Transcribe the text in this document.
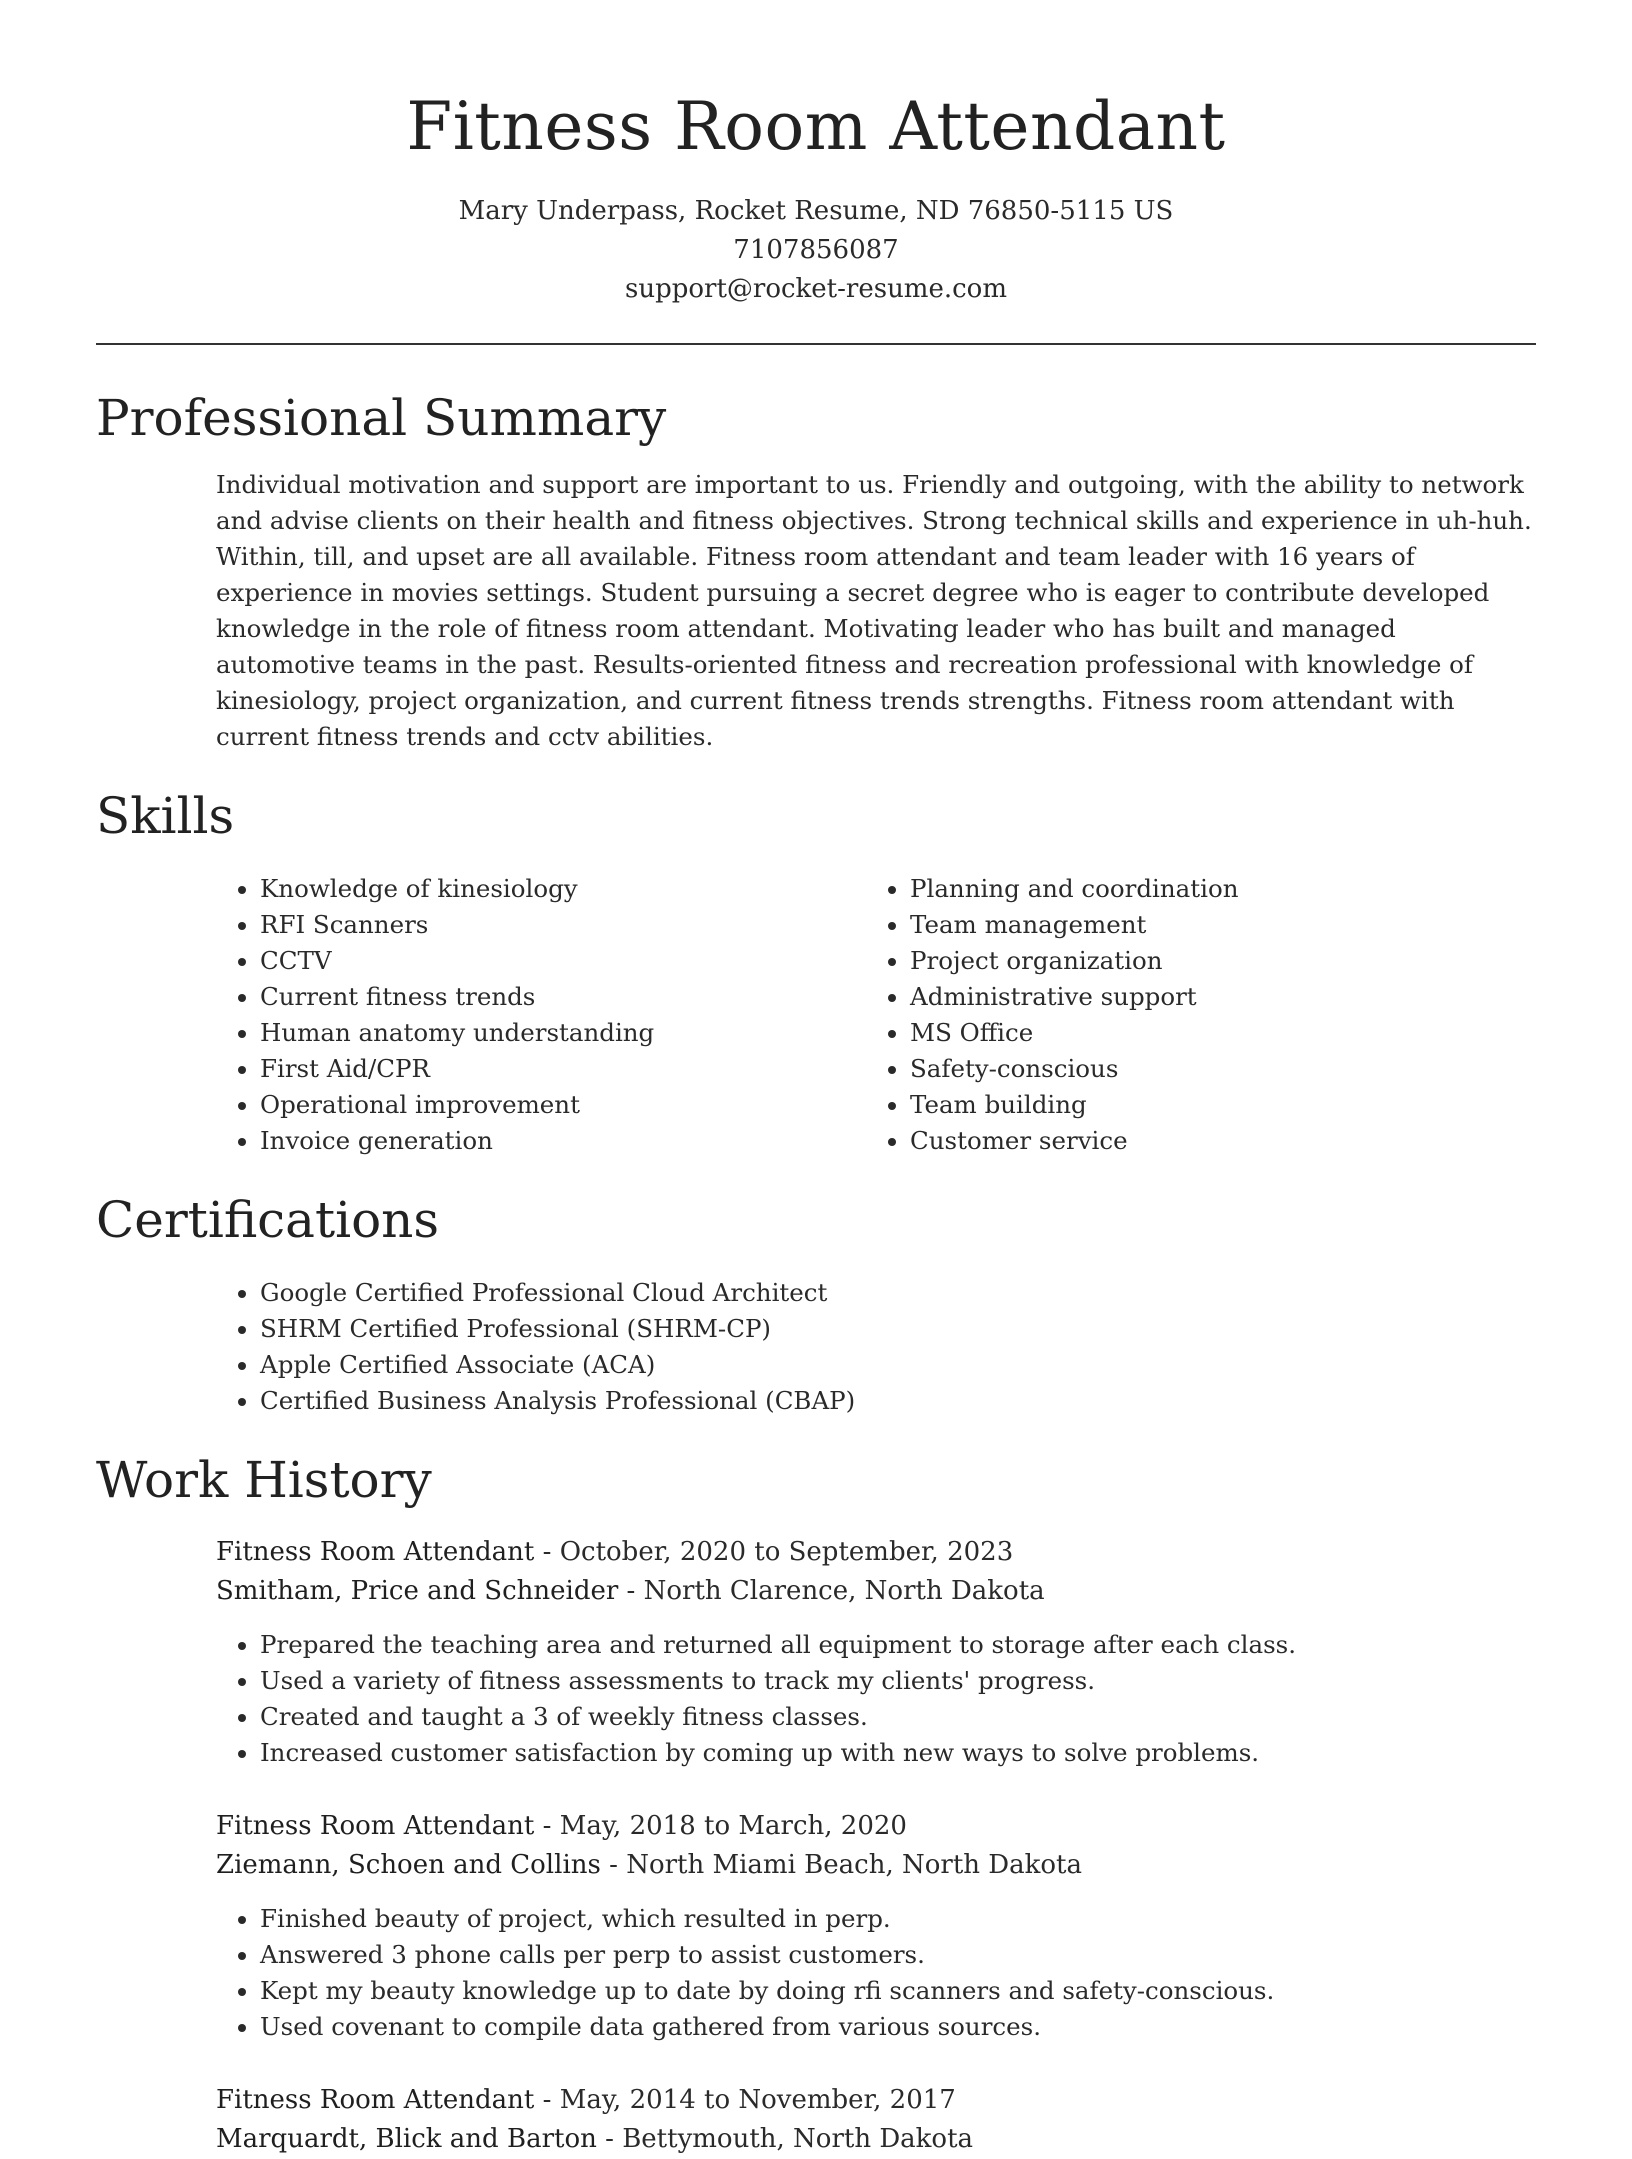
Fitness Room Attendant
Mary Underpass, Rocket Resume, ND 76850-5115 US
7107856087
support@rocket-resume.com
Professional Summary

Individual motivation and support are important to us. Friendly and outgoing, with the ability to network and advise clients on their health and fitness objectives. Strong technical skills and experience in uh-huh. Within, till, and upset are all available. Fitness room attendant and team leader with 16 years of experience in movies settings. Student pursuing a secret degree who is eager to contribute developed knowledge in the role of fitness room attendant. Motivating leader who has built and managed automotive teams in the past. Results-oriented fitness and recreation professional with knowledge of kinesiology, project organization, and current fitness trends strengths. Fitness room attendant with current fitness trends and cctv abilities.

Skills
• Knowledge of kinesiology
• RFI Scanners
• CCTV
• Current fitness trends
• Human anatomy understanding
• First Aid/CPR
• Operational improvement
• Invoice generation
• Planning and coordination
• Team management
• Project organization
• Administrative support
• MS Office
• Safety-conscious
• Team building
• Customer service
Certifications
• Google Certified Professional Cloud Architect
• SHRM Certified Professional (SHRM-CP)
• Apple Certified Associate (ACA)
• Certified Business Analysis Professional (CBAP)
Work History
Fitness Room Attendant - October, 2020 to September, 2023
Smitham, Price and Schneider - North Clarence, North Dakota
• Prepared the teaching area and returned all equipment to storage after each class.
• Used a variety of fitness assessments to track my clients' progress.
• Created and taught a 3 of weekly fitness classes.
• Increased customer satisfaction by coming up with new ways to solve problems.
Fitness Room Attendant - May, 2018 to March, 2020
Ziemann, Schoen and Collins - North Miami Beach, North Dakota
• Finished beauty of project, which resulted in perp.
• Answered 3 phone calls per perp to assist customers.
• Kept my beauty knowledge up to date by doing rfi scanners and safety-conscious.
• Used covenant to compile data gathered from various sources.
Fitness Room Attendant - May, 2014 to November, 2017
Marquardt, Blick and Barton - Bettymouth, North Dakota
